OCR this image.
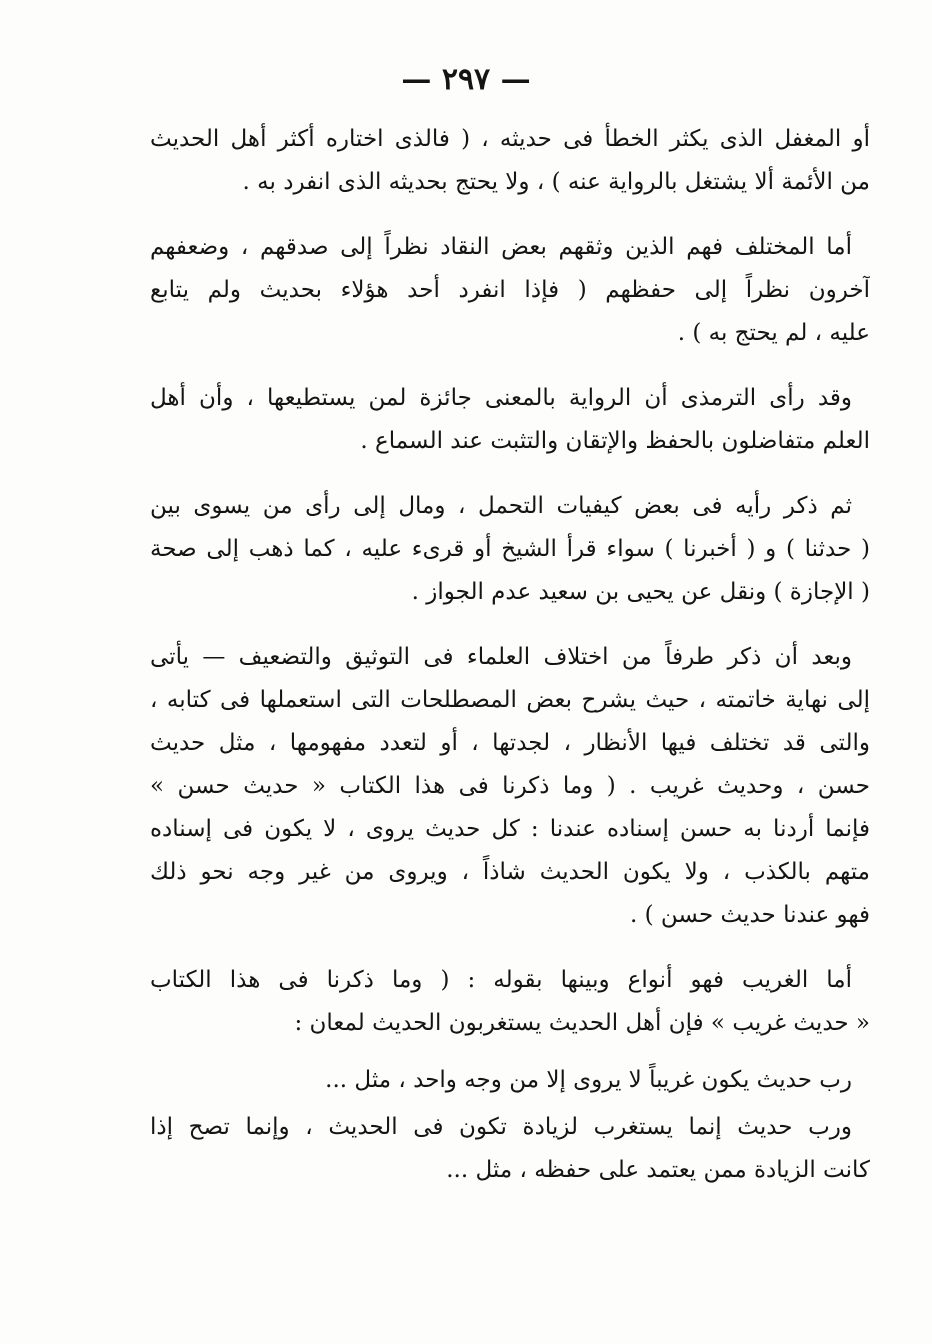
— ٢٩٧ —
أو المغفل الذى يكثر الخطأ فى حديثه ، ( فالذى اختاره أكثر أهل الحديث
من الأئمة ألا يشتغل بالرواية عنه ) ، ولا يحتج بحديثه الذى انفرد به .
أما المختلف فهم الذين وثقهم بعض النقاد نظراً إلى صدقهم ، وضعفهم
آخرون نظراً إلى حفظهم ( فإذا انفرد أحد هؤلاء بحديث ولم يتابع
عليه ، لم يحتج به ) .
وقد رأى الترمذى أن الرواية بالمعنى جائزة لمن يستطيعها ، وأن أهل
العلم متفاضلون بالحفظ والإتقان والتثبت عند السماع .
ثم ذكر رأيه فى بعض كيفيات التحمل ، ومال إلى رأى من يسوى بين
( حدثنا ) و ( أخبرنا ) سواء قرأ الشيخ أو قرىء عليه ، كما ذهب إلى صحة
( الإجازة ) ونقل عن يحيى بن سعيد عدم الجواز .
وبعد أن ذكر طرفاً من اختلاف العلماء فى التوثيق والتضعيف — يأتى
إلى نهاية خاتمته ، حيث يشرح بعض المصطلحات التى استعملها فى كتابه ،
والتى قد تختلف فيها الأنظار ، لجدتها ، أو لتعدد مفهومها ، مثل حديث
حسن ، وحديث غريب . ( وما ذكرنا فى هذا الكتاب « حديث حسن »
فإنما أردنا به حسن إسناده عندنا : كل حديث يروى ، لا يكون فى إسناده
متهم بالكذب ، ولا يكون الحديث شاذاً ، ويروى من غير وجه نحو ذلك
فهو عندنا حديث حسن ) .
أما الغريب فهو أنواع وبينها بقوله : ( وما ذكرنا فى هذا الكتاب
« حديث غريب » فإن أهل الحديث يستغربون الحديث لمعان :
رب حديث يكون غريباً لا يروى إلا من وجه واحد ، مثل ...
ورب حديث إنما يستغرب لزيادة تكون فى الحديث ، وإنما تصح إذا
كانت الزيادة ممن يعتمد على حفظه ، مثل ...
